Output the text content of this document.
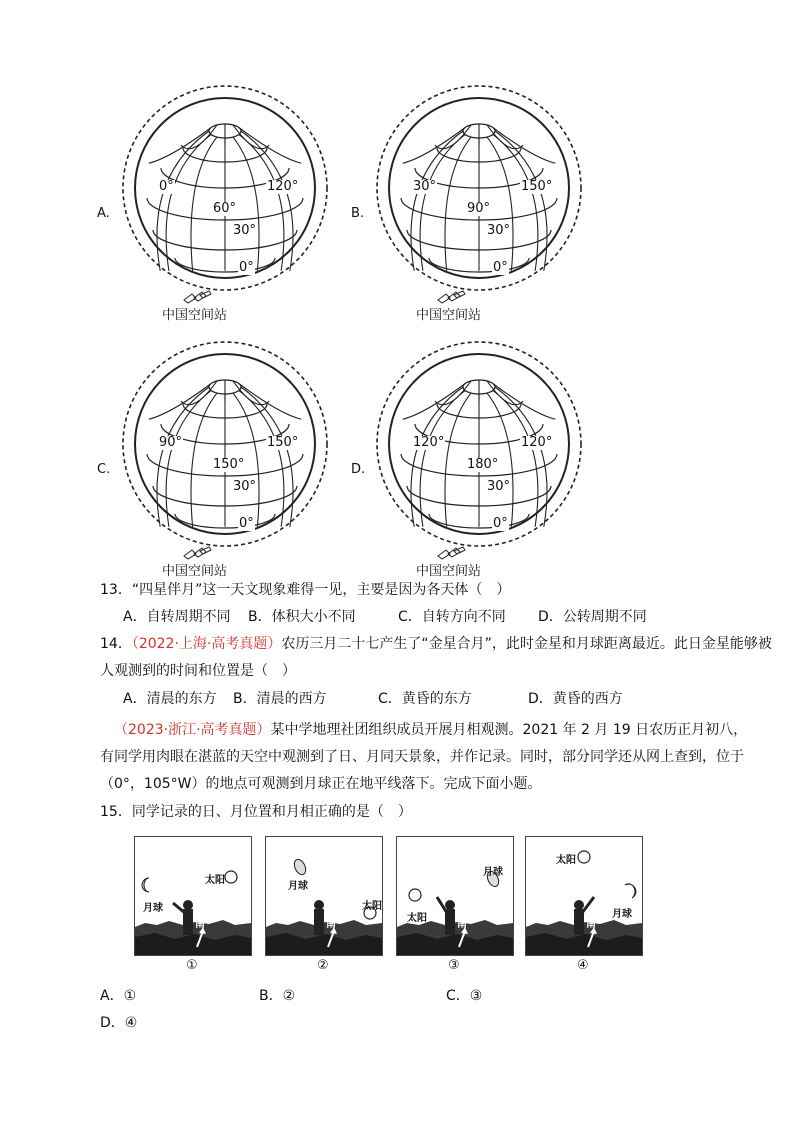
A.
0°	120°
60°
30°
0°
中国空间站
B.
30°	150°
90°
30°
0°
中国空间站
C.
90°	150°
150°
30°
0°
中国空间站
D.
120°	120°
180°
30°
0°
中国空间站
13．“四星伴月”这一天文现象难得一见，主要是因为各天体（　）
A．自转周期不同 B．体积大小不同	C．自转方向不同 D．公转周期不同
14．（2022·上海·高考真题）农历三月二十七产生了“金星合月”，此时金星和月球距离最近。此日金星能够被
人观测到的时间和位置是（　）
A．清晨的东方 B．清晨的西方	C．黄昏的东方	D．黄昏的西方
（2023·浙江·高考真题）某中学地理社团组织成员开展月相观测。2021 年 2 月 19 日农历正月初八，
有同学用肉眼在湛蓝的天空中观测到了日、月同天景象，并作记录。同时，部分同学还从网上查到，位于
（0°，105°W）的地点可观测到月球正在地平线落下。完成下面小题。
15．同学记录的日、月位置和月相正确的是（　）
太阳
月球
南
①
太阳
月球
南
②
太阳
月球
南
③
太阳
月球
南
④
A．①	B．②	C．③
D．④
